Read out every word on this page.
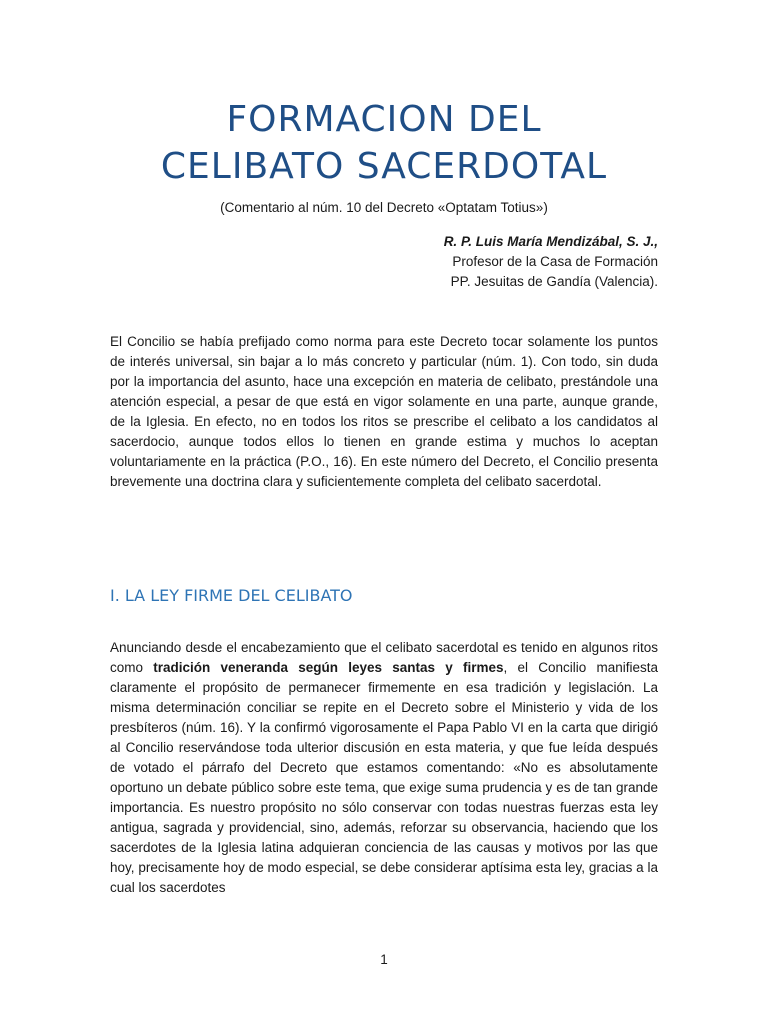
FORMACION DEL
CELIBATO SACERDOTAL
(Comentario al núm. 10 del Decreto «Optatam Totius»)
R. P. Luis María Mendizábal, S. J.,
Profesor de la Casa de Formación
PP. Jesuitas de Gandía (Valencia).

El Concilio se había prefijado como norma para este Decreto tocar solamente los puntos de interés universal, sin bajar a lo más concreto y particular (núm. 1). Con todo, sin duda por la importancia del asunto, hace una excepción en materia de celibato, prestándole una atención especial, a pesar de que está en vigor solamente en una parte, aunque grande, de la Iglesia. En efecto, no en todos los ritos se prescribe el celibato a los candidatos al sacerdocio, aunque todos ellos lo tienen en grande estima y muchos lo aceptan voluntariamente en la práctica (P.O., 16). En este número del Decreto, el Concilio presenta brevemente una doctrina clara y suficientemente completa del celibato sacerdotal.

I. LA LEY FIRME DEL CELIBATO

Anunciando desde el encabezamiento que el celibato sacerdotal es tenido en algunos ritos como tradición veneranda según leyes santas y firmes, el Concilio manifiesta claramente el propósito de permanecer firmemente en esa tradición y legislación. La misma determinación conciliar se repite en el Decreto sobre el Ministerio y vida de los presbíteros (núm. 16). Y la confirmó vigorosamente el Papa Pablo VI en la carta que dirigió al Concilio reservándose toda ulterior discusión en esta materia, y que fue leída después de votado el párrafo del Decreto que estamos comentando: «No es absolutamente oportuno un debate público sobre este tema, que exige suma prudencia y es de tan grande importancia. Es nuestro propósito no sólo conservar con todas nuestras fuerzas esta ley antigua, sagrada y providencial, sino, además, reforzar su observancia, haciendo que los sacerdotes de la Iglesia latina adquieran conciencia de las causas y motivos por las que hoy, precisamente hoy de modo especial, se debe considerar aptísima esta ley, gracias a la cual los sacerdotes

1
